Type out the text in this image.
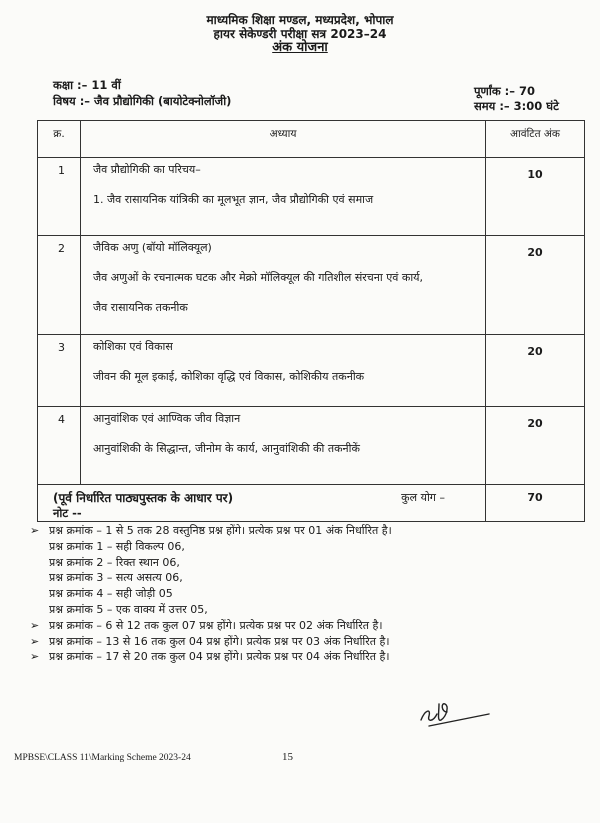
माध्यमिक शिक्षा मण्डल, मध्यप्रदेश, भोपाल
हायर सेकेण्डरी परीक्षा सत्र 2023–24
अंक योजना
कक्षा :– 11 वीं
विषय :– जैव प्रौद्योगिकी (बायोटेक्नोलॉजी)
पूर्णांक :– 70
समय :– 3:00 घंटे
क्र.	अध्याय	आवंटित अंक
1	जैव प्रौद्योगिकी का परिचय–
1. जैव रासायनिक यांत्रिकी का मूलभूत ज्ञान, जैव प्रौद्योगिकी एवं समाज	10
2	जैविक अणु (बॉयो मॉलिक्यूल)
जैव अणुओं के रचनात्मक घटक और मेक्रो मॉलिक्यूल की गतिशील संरचना एवं कार्य,
जैव रासायनिक तकनीक	20
3	कोशिका एवं विकास
जीवन की मूल इकाई, कोशिका वृद्धि एवं विकास, कोशिकीय तकनीक	20
4	आनुवांशिक एवं आण्विक जीव विज्ञान
आनुवांशिकी के सिद्धान्त, जीनोम के कार्य, आनुवांशिकी की तकनीकें	20
कुल योग –		70
(पूर्व निर्धारित पाठ्यपुस्तक के आधार पर)
नोट --
➢ प्रश्न क्रमांक – 1 से 5 तक 28 वस्तुनिष्ठ प्रश्न होंगे। प्रत्येक प्रश्न पर 01 अंक निर्धारित है।
प्रश्न क्रमांक 1 – सही विकल्प 06,
प्रश्न क्रमांक 2 – रिक्त स्थान 06,
प्रश्न क्रमांक 3 – सत्य असत्य 06,
प्रश्न क्रमांक 4 – सही जोड़ी 05
प्रश्न क्रमांक 5 – एक वाक्य में उत्तर 05,
➢ प्रश्न क्रमांक – 6 से 12 तक कुल 07 प्रश्न होंगे। प्रत्येक प्रश्न पर 02 अंक निर्धारित है।
➢ प्रश्न क्रमांक – 13 से 16 तक कुल 04 प्रश्न होंगे। प्रत्येक प्रश्न पर 03 अंक निर्धारित है।
➢ प्रश्न क्रमांक – 17 से 20 तक कुल 04 प्रश्न होंगे। प्रत्येक प्रश्न पर 04 अंक निर्धारित है।
MPBSE\CLASS 11\Marking Scheme 2023-24	15
